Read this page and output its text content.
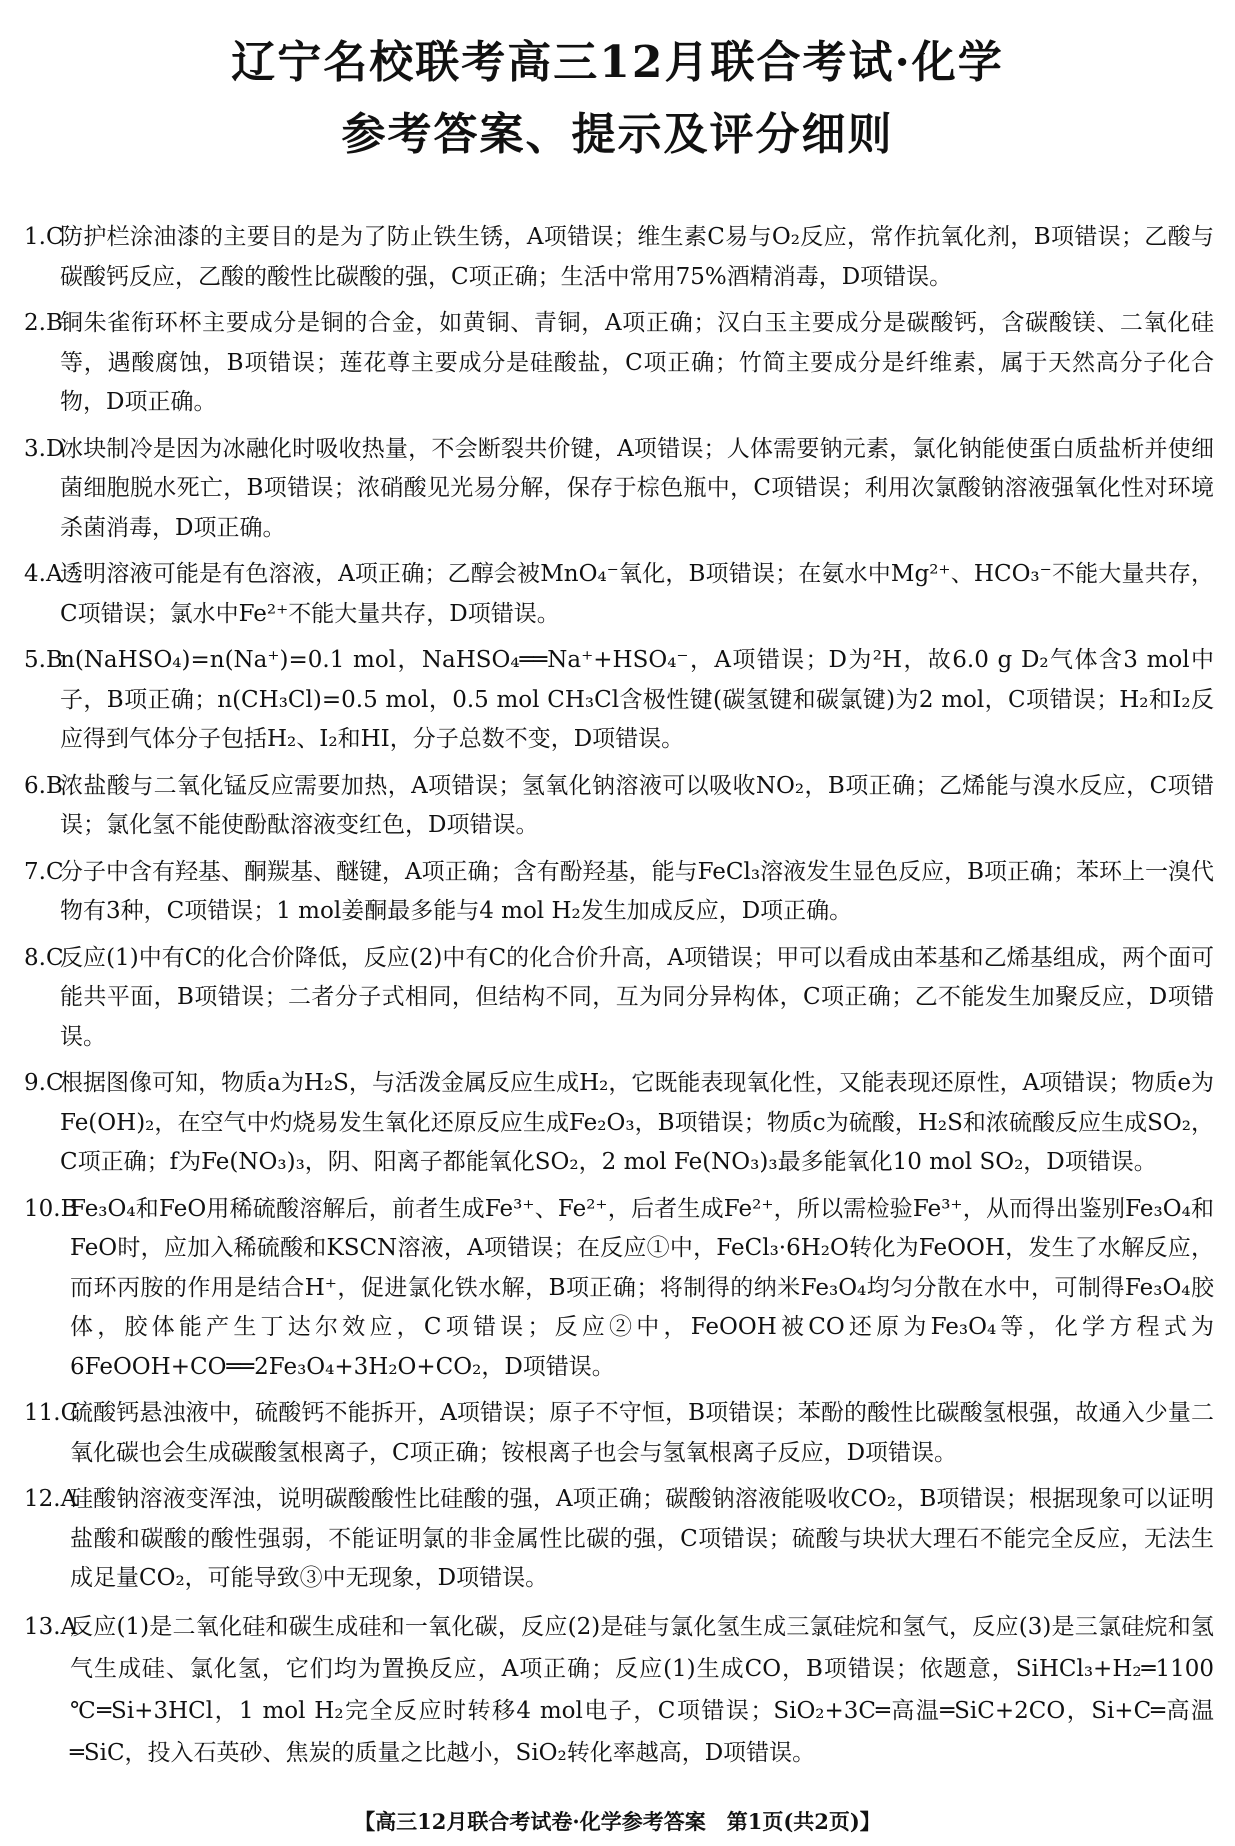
辽宁名校联考高三12月联合考试·化学
参考答案、提示及评分细则
1.C
防护栏涂油漆的主要目的是为了防止铁生锈，A项错误；维生素C易与O₂反应，常作抗氧化剂，B项错误；乙酸与碳酸钙反应，乙酸的酸性比碳酸的强，C项正确；生活中常用75%酒精消毒，D项错误。
2.B
铜朱雀衔环杯主要成分是铜的合金，如黄铜、青铜，A项正确；汉白玉主要成分是碳酸钙，含碳酸镁、二氧化硅等，遇酸腐蚀，B项错误；莲花尊主要成分是硅酸盐，C项正确；竹简主要成分是纤维素，属于天然高分子化合物，D项正确。
3.D
冰块制冷是因为冰融化时吸收热量，不会断裂共价键，A项错误；人体需要钠元素，氯化钠能使蛋白质盐析并使细菌细胞脱水死亡，B项错误；浓硝酸见光易分解，保存于棕色瓶中，C项错误；利用次氯酸钠溶液强氧化性对环境杀菌消毒，D项正确。
4.A
透明溶液可能是有色溶液，A项正确；乙醇会被MnO₄⁻氧化，B项错误；在氨水中Mg²⁺、HCO₃⁻不能大量共存，C项错误；氯水中Fe²⁺不能大量共存，D项错误。
5.B
n(NaHSO₄)=n(Na⁺)=0.1 mol，NaHSO₄══Na⁺+HSO₄⁻，A项错误；D为²H，故6.0 g D₂气体含3 mol中子，B项正确；n(CH₃Cl)=0.5 mol，0.5 mol CH₃Cl含极性键(碳氢键和碳氯键)为2 mol，C项错误；H₂和I₂反应得到气体分子包括H₂、I₂和HI，分子总数不变，D项错误。
6.B
浓盐酸与二氧化锰反应需要加热，A项错误；氢氧化钠溶液可以吸收NO₂，B项正确；乙烯能与溴水反应，C项错误；氯化氢不能使酚酞溶液变红色，D项错误。
7.C
分子中含有羟基、酮羰基、醚键，A项正确；含有酚羟基，能与FeCl₃溶液发生显色反应，B项正确；苯环上一溴代物有3种，C项错误；1 mol姜酮最多能与4 mol H₂发生加成反应，D项正确。
8.C
反应(1)中有C的化合价降低，反应(2)中有C的化合价升高，A项错误；甲可以看成由苯基和乙烯基组成，两个面可能共平面，B项错误；二者分子式相同，但结构不同，互为同分异构体，C项正确；乙不能发生加聚反应，D项错误。
9.C
根据图像可知，物质a为H₂S，与活泼金属反应生成H₂，它既能表现氧化性，又能表现还原性，A项错误；物质e为Fe(OH)₂，在空气中灼烧易发生氧化还原反应生成Fe₂O₃，B项错误；物质c为硫酸，H₂S和浓硫酸反应生成SO₂，C项正确；f为Fe(NO₃)₃，阴、阳离子都能氧化SO₂，2 mol Fe(NO₃)₃最多能氧化10 mol SO₂，D项错误。
10.B
Fe₃O₄和FeO用稀硫酸溶解后，前者生成Fe³⁺、Fe²⁺，后者生成Fe²⁺，所以需检验Fe³⁺，从而得出鉴别Fe₃O₄和FeO时，应加入稀硫酸和KSCN溶液，A项错误；在反应①中，FeCl₃·6H₂O转化为FeOOH，发生了水解反应，而环丙胺的作用是结合H⁺，促进氯化铁水解，B项正确；将制得的纳米Fe₃O₄均匀分散在水中，可制得Fe₃O₄胶体，胶体能产生丁达尔效应，C项错误；反应②中，FeOOH被CO还原为Fe₃O₄等，化学方程式为6FeOOH+CO══2Fe₃O₄+3H₂O+CO₂，D项错误。
11.C
硫酸钙悬浊液中，硫酸钙不能拆开，A项错误；原子不守恒，B项错误；苯酚的酸性比碳酸氢根强，故通入少量二氧化碳也会生成碳酸氢根离子，C项正确；铵根离子也会与氢氧根离子反应，D项错误。
12.A
硅酸钠溶液变浑浊，说明碳酸酸性比硅酸的强，A项正确；碳酸钠溶液能吸收CO₂，B项错误；根据现象可以证明盐酸和碳酸的酸性强弱，不能证明氯的非金属性比碳的强，C项错误；硫酸与块状大理石不能完全反应，无法生成足量CO₂，可能导致③中无现象，D项错误。
13.A
反应(1)是二氧化硅和碳生成硅和一氧化碳，反应(2)是硅与氯化氢生成三氯硅烷和氢气，反应(3)是三氯硅烷和氢气生成硅、氯化氢，它们均为置换反应，A项正确；反应(1)生成CO，B项错误；依题意，SiHCl₃+H₂═1100 ℃═Si+3HCl，1 mol H₂完全反应时转移4 mol电子，C项错误；SiO₂+3C═高温═SiC+2CO，Si+C═高温═SiC，投入石英砂、焦炭的质量之比越小，SiO₂转化率越高，D项错误。
【高三12月联合考试卷·化学参考答案　第1页(共2页)】
